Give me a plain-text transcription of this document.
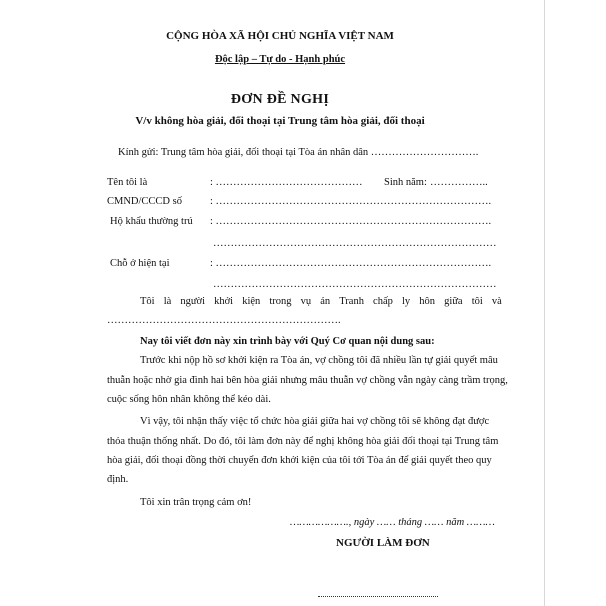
CỘNG HÒA XÃ HỘI CHỦ NGHĨA VIỆT NAM
Độc lập – Tự do - Hạnh phúc
ĐƠN ĐỀ NGHỊ
V/v không hòa giải, đối thoại tại Trung tâm hòa giải, đối thoại
Kính gửi: Trung tâm hòa giải, đối thoại tại Tòa án nhân dân ………………………….
Tên tôi là	: …………………………………… Sinh năm: ……………..
CMND/CCCD số	: …………………………………………………………………….
Hộ khẩu thường trú : …………………………………………………………………….
………………………………………………………………………
Chỗ ở hiện tại	: …………………………………………………………………….
………………………………………………………………………
Tôi là người khởi kiện trong vụ án Tranh chấp ly hôn giữa tôi và
………………………………………………………….
Nay tôi viết đơn này xin trình bày với Quý Cơ quan nội dung sau:
Trước khi nộp hồ sơ khởi kiện ra Tòa án, vợ chồng tôi đã nhiều lần tự giải quyết mâu
thuẫn hoặc nhờ gia đình hai bên hòa giải nhưng mâu thuẫn vợ chồng vẫn ngày càng trầm trọng,
cuộc sống hôn nhân không thể kéo dài.
Vì vậy, tôi nhận thấy việc tổ chức hòa giải giữa hai vợ chồng tôi sẽ không đạt được
thỏa thuận thống nhất. Do đó, tôi làm đơn này để nghị không hòa giải đối thoại tại Trung tâm
hòa giải, đối thoại đồng thời chuyển đơn khởi kiện của tôi tới Tòa án để giải quyết theo quy
định.
Tôi xin trân trọng cảm ơn!
………………., ngày …… tháng …… năm ………
NGƯỜI LÀM ĐƠN
